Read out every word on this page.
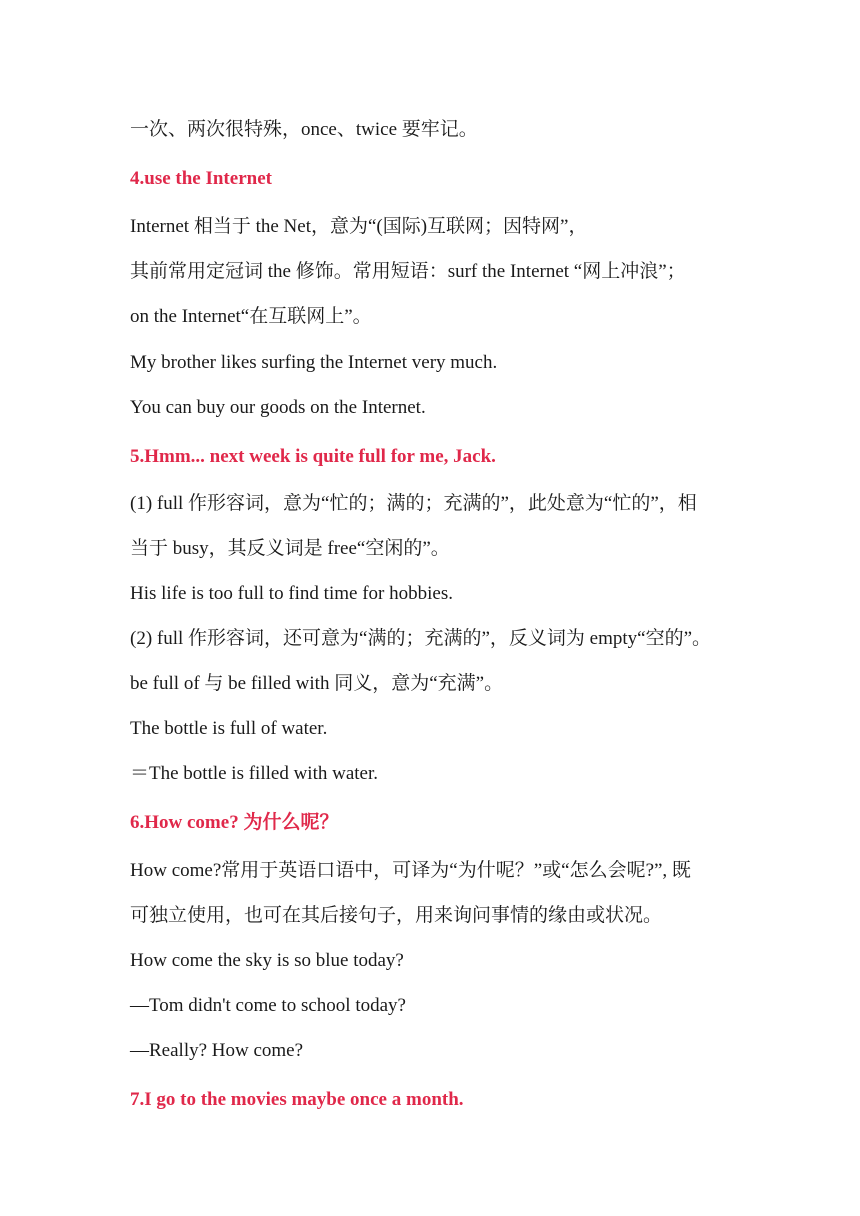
一次、两次很特殊，once、twice 要牢记。
4.use the Internet
Internet 相当于 the Net，意为“(国际)互联网；因特网”，
其前常用定冠词 the 修饰。常用短语：surf the Internet “网上冲浪”；
on the Internet“在互联网上”。
My brother likes surfing the Internet very much.
You can buy our goods on the Internet.
5.Hmm... next week is quite full for me, Jack.
(1) full 作形容词，意为“忙的；满的；充满的”，此处意为“忙的”，相
当于 busy，其反义词是 free“空闲的”。
His life is too full to find time for hobbies.
(2) full 作形容词，还可意为“满的；充满的”，反义词为 empty“空的”。
be full of 与 be filled with 同义，意为“充满”。
The bottle is full of water.
＝The bottle is filled with water.
6.How come? 为什么呢？
How come?常用于英语口语中，可译为“为什呢？”或“怎么会呢?”, 既
可独立使用，也可在其后接句子，用来询问事情的缘由或状况。
How come the sky is so blue today?
—Tom didn't come to school today?
—Really? How come?
7.I go to the movies maybe once a month.
